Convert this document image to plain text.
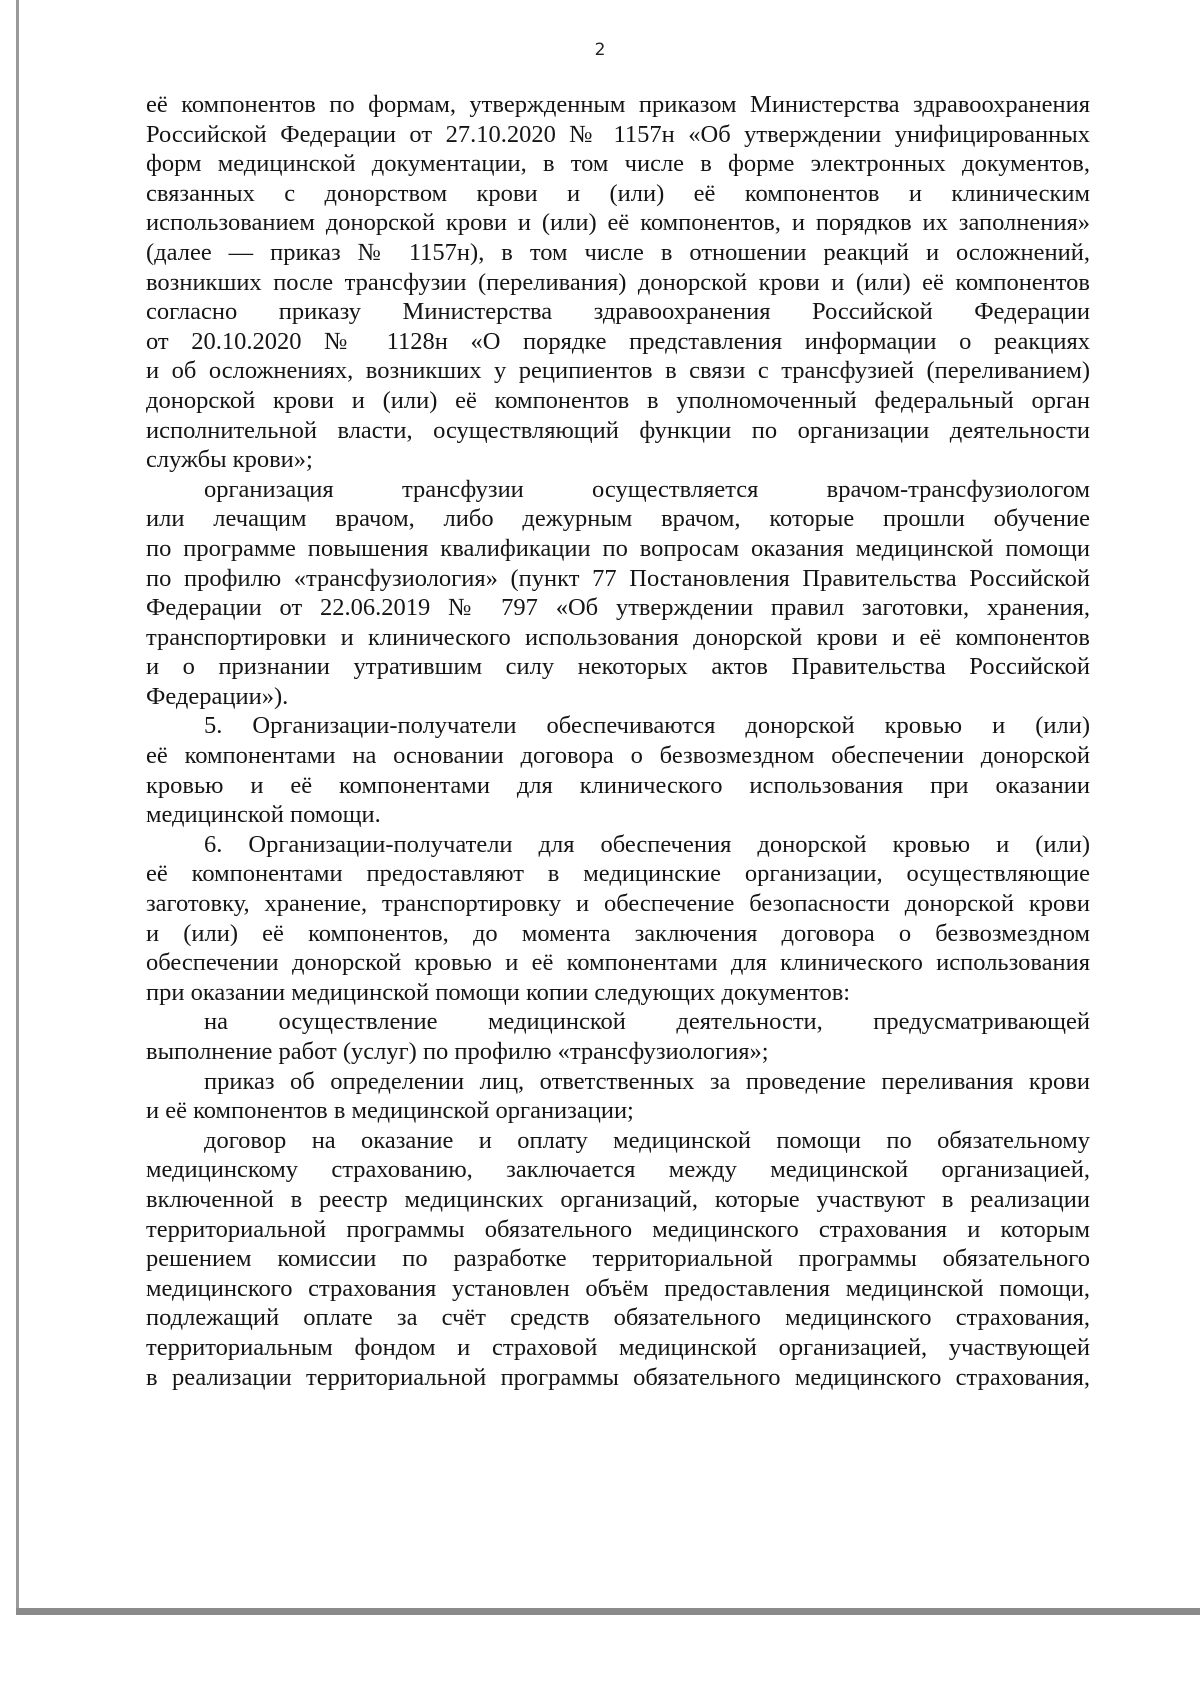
2

её компонентов по формам, утвержденным приказом Министерства здравоохранения

Российской Федерации от 27.10.2020 № 1157н «Об утверждении унифицированных

форм медицинской документации, в том числе в форме электронных документов,

связанных с донорством крови и (или) её компонентов и клиническим

использованием донорской крови и (или) её компонентов, и порядков их заполнения»

(далее — приказ № 1157н), в том числе в отношении реакций и осложнений,

возникших после трансфузии (переливания) донорской крови и (или) её компонентов

согласно приказу Министерства здравоохранения Российской Федерации

от 20.10.2020 № 1128н «О порядке представления информации о реакциях

и об осложнениях, возникших у реципиентов в связи с трансфузией (переливанием)

донорской крови и (или) её компонентов в уполномоченный федеральный орган

исполнительной власти, осуществляющий функции по организации деятельности

службы крови»;

организация трансфузии осуществляется врачом-трансфузиологом

или лечащим врачом, либо дежурным врачом, которые прошли обучение

по программе повышения квалификации по вопросам оказания медицинской помощи

по профилю «трансфузиология» (пункт 77 Постановления Правительства Российской

Федерации от 22.06.2019 № 797 «Об утверждении правил заготовки, хранения,

транспортировки и клинического использования донорской крови и её компонентов

и о признании утратившим силу некоторых актов Правительства Российской

Федерации»).

5. Организации-получатели обеспечиваются донорской кровью и (или)

её компонентами на основании договора о безвозмездном обеспечении донорской

кровью и её компонентами для клинического использования при оказании

медицинской помощи.

6. Организации-получатели для обеспечения донорской кровью и (или)

её компонентами предоставляют в медицинские организации, осуществляющие

заготовку, хранение, транспортировку и обеспечение безопасности донорской крови

и (или) её компонентов, до момента заключения договора о безвозмездном

обеспечении донорской кровью и её компонентами для клинического использования

при оказании медицинской помощи копии следующих документов:

на осуществление медицинской деятельности, предусматривающей

выполнение работ (услуг) по профилю «трансфузиология»;

приказ об определении лиц, ответственных за проведение переливания крови

и её компонентов в медицинской организации;

договор на оказание и оплату медицинской помощи по обязательному

медицинскому страхованию, заключается между медицинской организацией,

включенной в реестр медицинских организаций, которые участвуют в реализации

территориальной программы обязательного медицинского страхования и которым

решением комиссии по разработке территориальной программы обязательного

медицинского страхования установлен объём предоставления медицинской помощи,

подлежащий оплате за счёт средств обязательного медицинского страхования,

территориальным фондом и страховой медицинской организацией, участвующей

в реализации территориальной программы обязательного медицинского страхования,
